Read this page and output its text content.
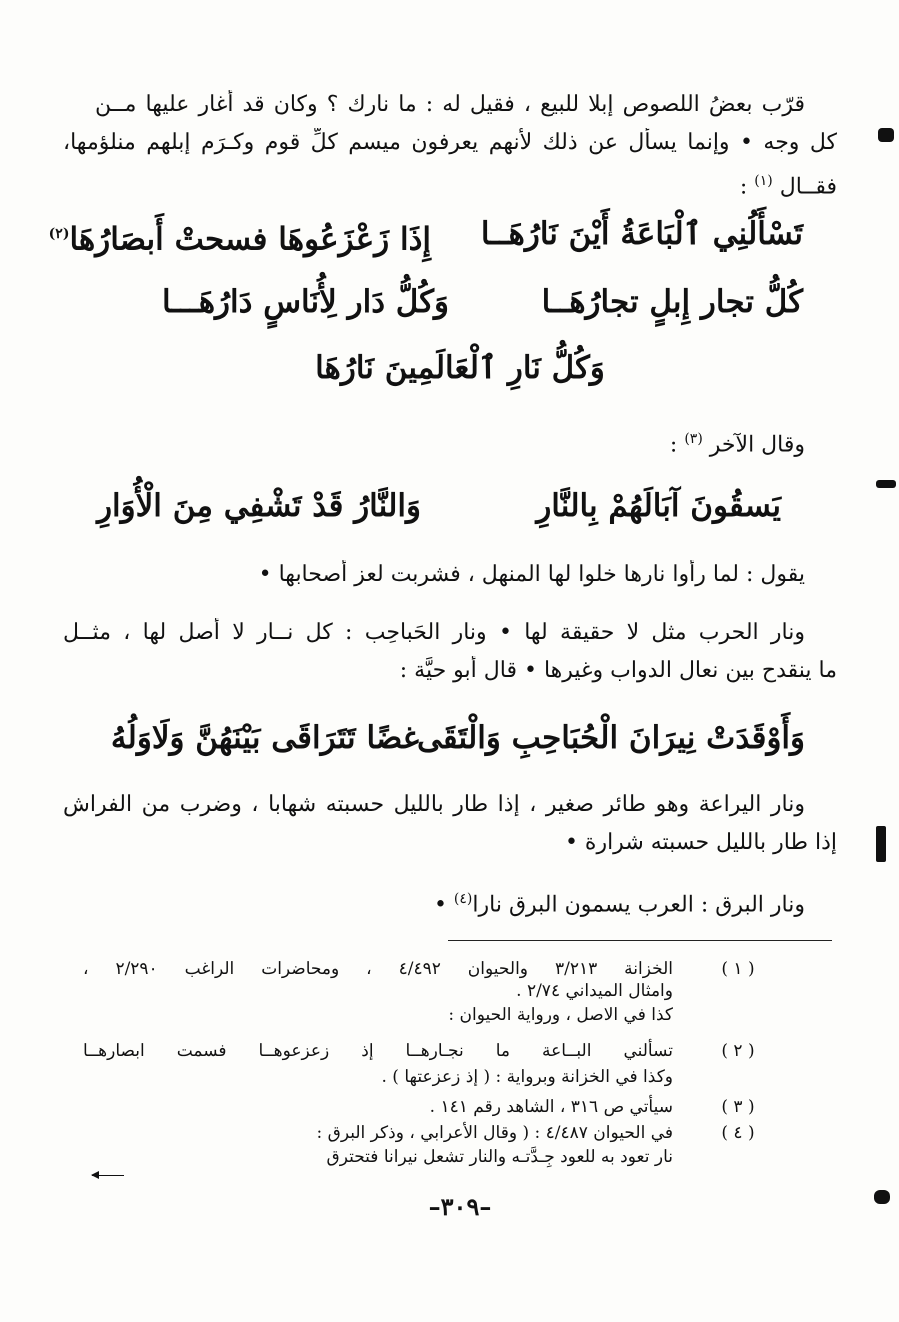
قرّب بعضُ اللصوص إبلا للبيع ، فقيل له : ما نارك ؟ وكان قد أغار عليها مــن
كل وجه • وإنما يسأل عن ذلك لأنهم يعرفون ميسم كلِّ قوم وكـرَم إبلهم منلؤمها،
فقــال $^{(١)}$ :
تَسْأَلُنِي ٱلْبَاعَةُ أَيْنَ نَارُهَــا
إِذَا زَعْزَعُوهَا فسحتْ أَبصَارُهَا$^{(٢)}$
كُلُّ تجار إِبلٍ تجارُهَــا
وَكُلُّ دَار لِأُنَاسٍ دَارُهَـــا
وَكُلُّ نَارِ ٱلْعَالَمِينَ نَارُهَا
وقال الآخر $^{(٣)}$ :
يَسقُونَ آبَالَهُمْ بِالنَّارِ
وَالنَّارُ قَدْ تَشْفِي مِنَ الْأُوَارِ
يقول : لما رأوا نارها خلوا لها المنهل ، فشربت لعز أصحابها •
ونار الحرب مثل لا حقيقة لها • ونار الحَباحِب : كل نــار لا أصل لها ، مثــل
ما ينقدح بين نعال الدواب وغيرها • قال أبو حيَّة :
وَأَوْقَدَتْ نِيرَانَ الْحُبَاحِبِ وَالْتَقَى
غضًا تَتَرَاقَى بَيْنَهُنَّ وَلَاوَلُهُ
ونار اليراعة وهو طائر صغير ، إذا طار بالليل حسبته شهابا ، وضرب من الفراش
إذا طار بالليل حسبته شرارة •
ونار البرق : العرب يسمون البرق نارا$^{(٤)}$ •
( ١ )
الخزانة ٣/٢١٣ والحيوان ٤/٤٩٢ ، ومحاضرات الراغب ٢/٢٩٠ ،
وامثال الميداني ٢/٧٤ .
كذا في الاصل ، ورواية الحيوان :
( ٢ )
تسألني البــاعة ما نجـارهــا إذ زعزعوهــا فسمت ابصارهــا
وكذا في الخزانة وبرواية : ( إذ زعزعتها ) .
( ٣ )
سيأتي ص ٣١٦ ، الشاهد رقم ١٤١ .
( ٤ )
في الحيوان ٤/٤٨٧ : ( وقال الأعرابي ، وذكر البرق :
نار تعود به للعود جِـدَّتـه والنار تشعل نيرانا فتحترق
–٣٠٩–
